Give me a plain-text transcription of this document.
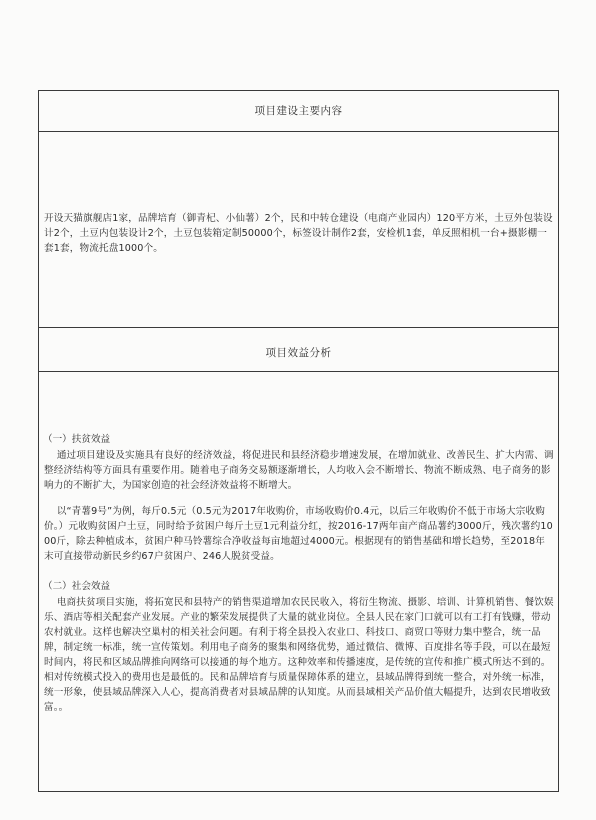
项目建设主要内容
开设天猫旗舰店1家，品牌培育（御青杞、小仙薯）2个，民和中转仓建设（电商产业园内）120平方米，土豆外包装设计2个，土豆内包装设计2个，土豆包装箱定制50000个，标签设计制作2套，安检机1套，单反照相机一台+摄影棚一套1套，物流托盘1000个。
项目效益分析
（一）扶贫效益
通过项目建设及实施具有良好的经济效益，将促进民和县经济稳步增速发展，在增加就业、改善民生、扩大内需、调整经济结构等方面具有重要作用。随着电子商务交易额逐渐增长，人均收入会不断增长、物流不断成熟、电子商务的影响力的不断扩大，为国家创造的社会经济效益将不断增大。
以“青薯9号”为例，每斤0.5元（0.5元为2017年收购价，市场收购价0.4元，以后三年收购价不低于市场大宗收购价。）元收购贫困户土豆，同时给予贫困户每斤土豆1元利益分红，按2016-17两年亩产商品薯约3000斤，残次薯约1000斤，除去种植成本，贫困户种马铃薯综合净收益每亩地超过4000元。根据现有的销售基础和增长趋势，至2018年末可直接带动新民乡约67户贫困户、246人脱贫受益。
（二）社会效益
电商扶贫项目实施，将拓宽民和县特产的销售渠道增加农民民收入，将衍生物流、摄影、培训、计算机销售、餐饮娱乐、酒店等相关配套产业发展。产业的繁荣发展提供了大量的就业岗位。全县人民在家门口就可以有工打有钱赚，带动农村就业。这样也解决空巢村的相关社会问题。有利于将全县投入农业口、科技口、商贸口等财力集中整合，统一品牌，制定统一标准，统一宣传策划。利用电子商务的聚集和网络优势，通过微信、微博、百度排名等手段，可以在最短时间内，将民和区域品牌推向网络可以接通的每个地方。这种效率和传播速度，是传统的宣传和推广模式所达不到的。相对传统模式投入的费用也是最低的。民和品牌培育与质量保障体系的建立，县域品牌得到统一整合，对外统一标准，统一形象，使县域品牌深入人心，提高消费者对县域品牌的认知度。从而县域相关产品价值大幅提升，达到农民增收致富。。
